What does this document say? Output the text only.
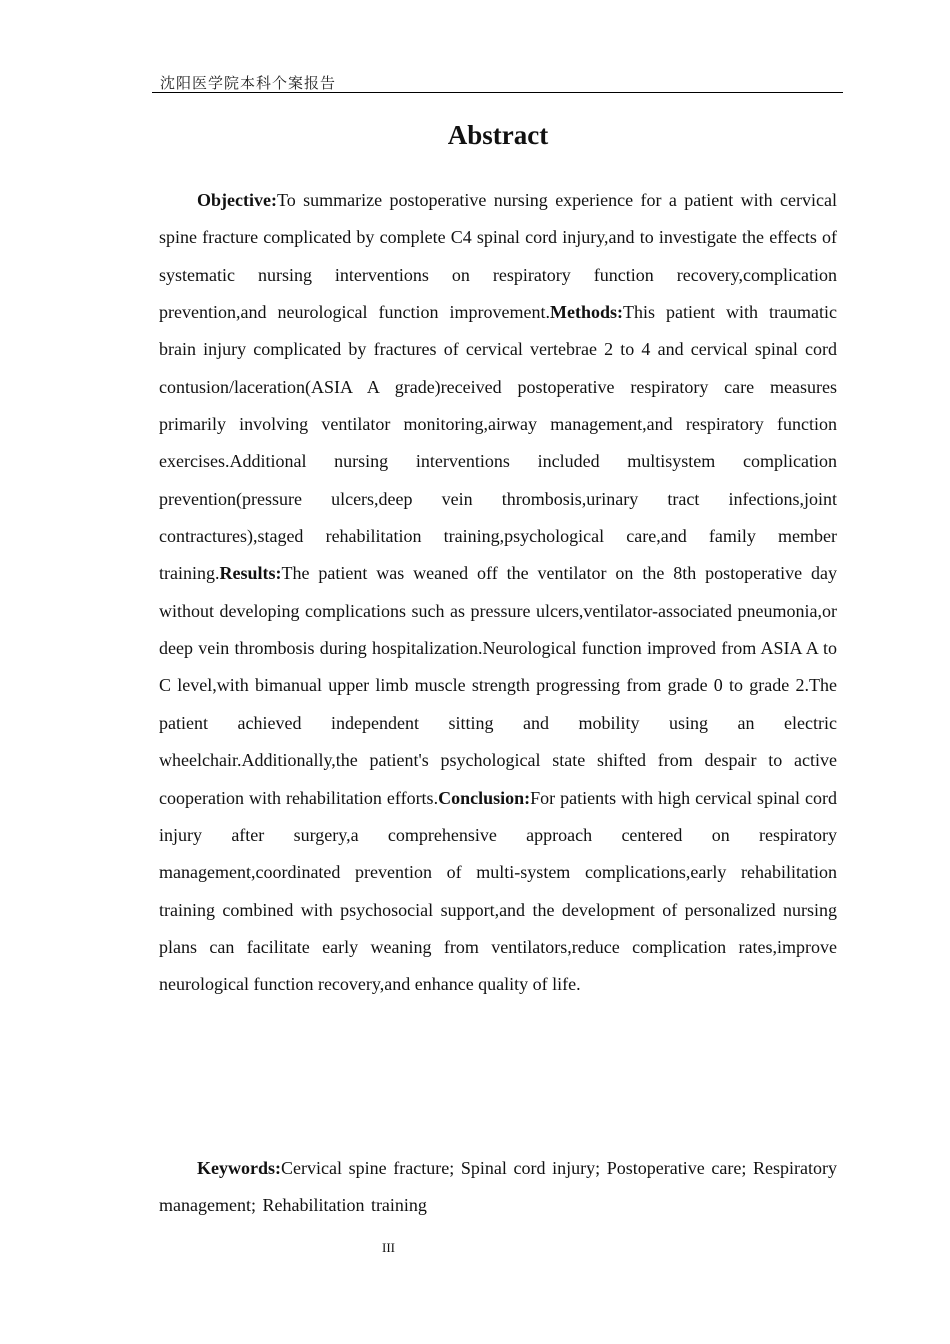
沈阳医学院本科个案报告
Abstract

Objective:To summarize postoperative nursing experience for a patient with cervical spine fracture complicated by complete C4 spinal cord injury,and to investigate the effects of systematic nursing interventions on respiratory function recovery,complication prevention,and neurological function improvement.Methods:This patient with traumatic brain injury complicated by fractures of cervical vertebrae 2 to 4 and cervical spinal cord contusion/laceration(ASIA A grade)received postoperative respiratory care measures primarily involving ventilator monitoring,airway management,and respiratory function exercises.Additional nursing interventions included multisystem complication prevention(pressure ulcers,deep vein thrombosis,urinary tract infections,joint contractures),staged rehabilitation training,psychological care,and family member training.Results:The patient was weaned off the ventilator on the 8th postoperative day without developing complications such as pressure ulcers,ventilator-associated pneumonia,or deep vein thrombosis during hospitalization.Neurological function improved from ASIA A to C level,with bimanual upper limb muscle strength progressing from grade 0 to grade 2.The patient achieved independent sitting and mobility using an electric wheelchair.Additionally,the patient's psychological state shifted from despair to active cooperation with rehabilitation efforts.Conclusion:For patients with high cervical spinal cord injury after surgery,a comprehensive approach centered on respiratory management,coordinated prevention of multi-system complications,early rehabilitation training combined with psychosocial support,and the development of personalized nursing plans can facilitate early weaning from ventilators,reduce complication rates,improve neurological function recovery,and enhance quality of life.

Keywords:Cervical spine fracture; Spinal cord injury; Postoperative care; Respiratory management; Rehabilitation training

III
